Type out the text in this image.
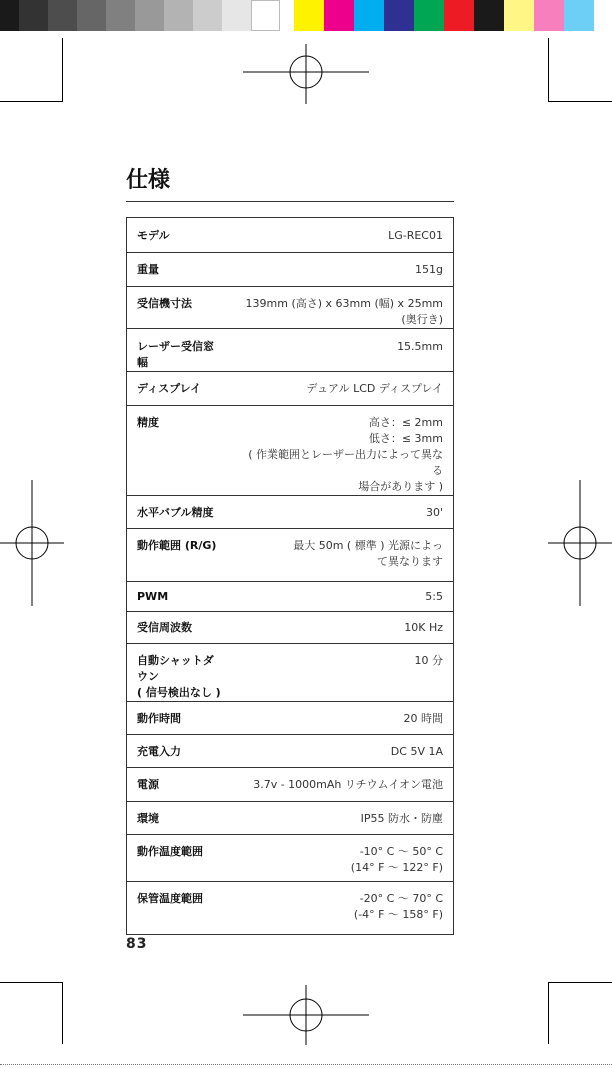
仕様
モデル	LG-REC01
重量	151g
受信機寸法	139mm (高さ) x 63mm (幅) x 25mm (奥行き)
レーザー受信窓幅	15.5mm
ディスプレイ	デュアル LCD ディスプレイ
精度	高さ：≤ 2mm
低さ：≤ 3mm
( 作業範囲とレーザー出力によって異なる
場合があります )
水平バブル精度	30'
動作範囲 (R/G)	最大 50m ( 標準 ) 光源によっ
て異なります
PWM	5:5
受信周波数	10K Hz
自動シャットダウン
( 信号検出なし )	10 分
動作時間	20 時間
充電入力	DC 5V 1A
電源	3.7v - 1000mAh リチウムイオン電池
環境	IP55 防水・防塵
動作温度範囲	-10° C ～ 50° C
(14° F ～ 122° F)
保管温度範囲	-20° C ～ 70° C
(-4° F ～ 158° F)
83
